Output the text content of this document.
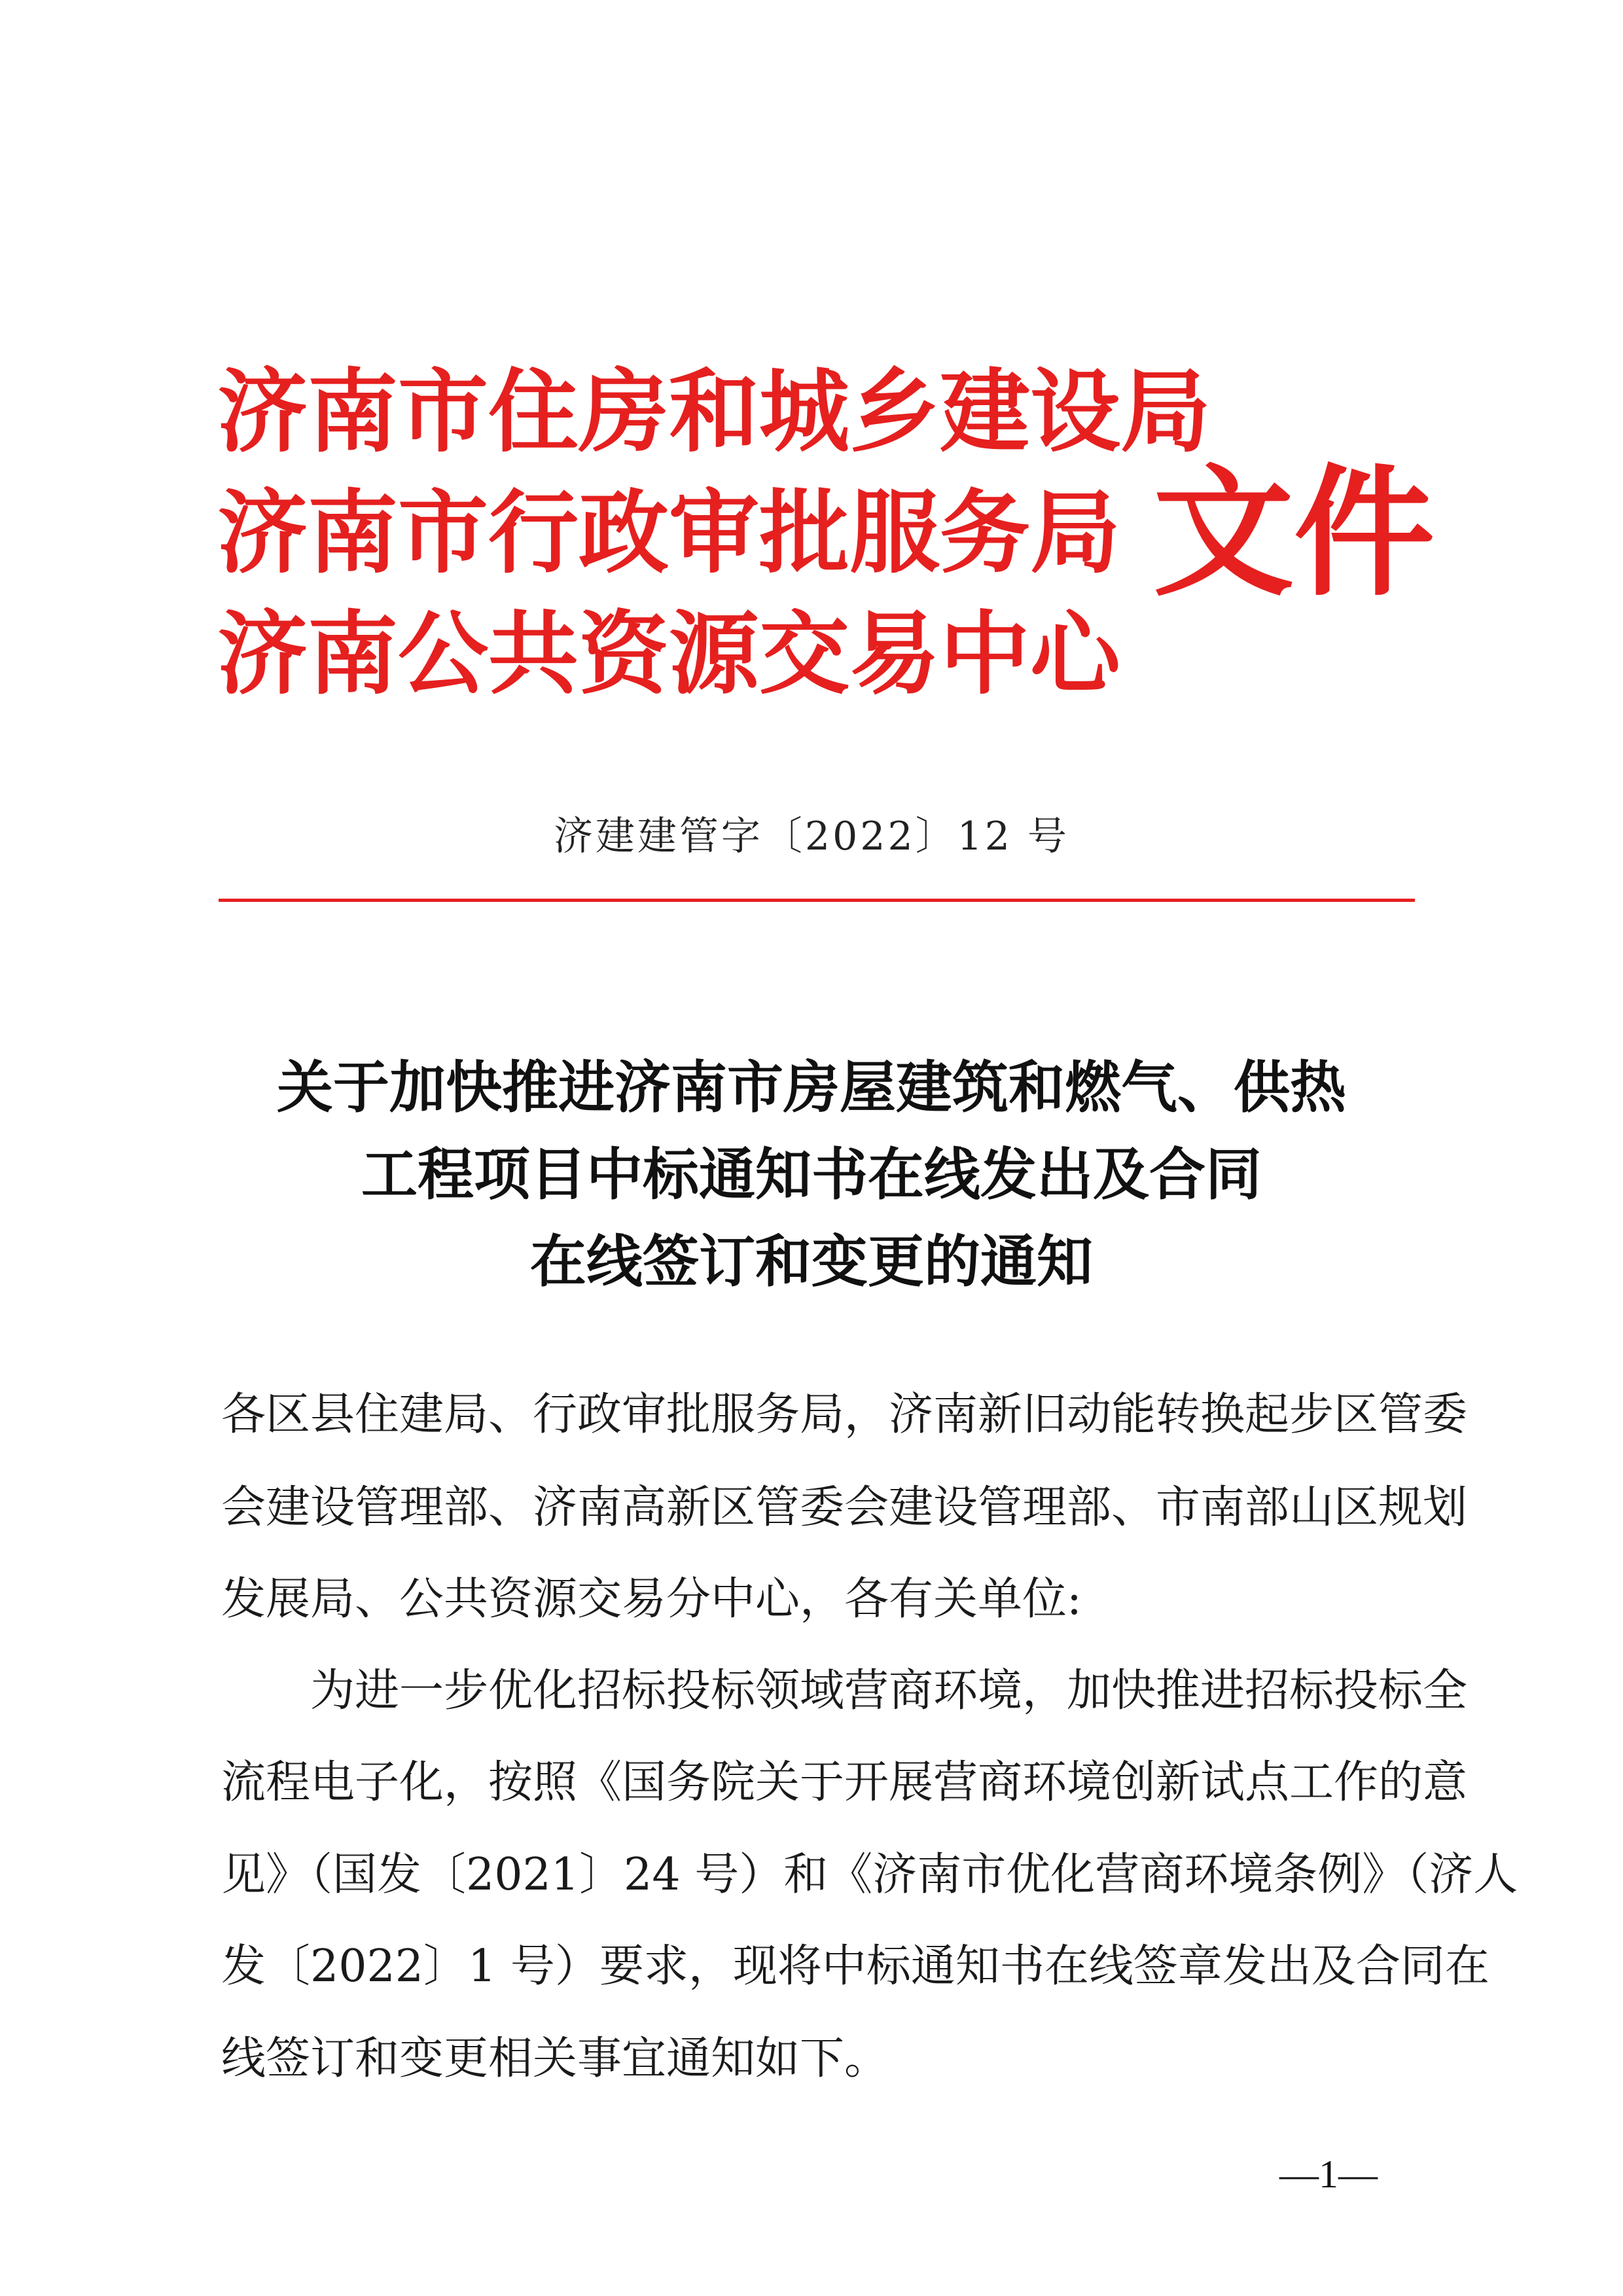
济南市住房和城乡建设局
济南市行政审批服务局
济南公共资源交易中心
文件
济建建管字〔2022〕12 号
关于加快推进济南市房屋建筑和燃气、供热
工程项目中标通知书在线发出及合同
在线签订和变更的通知
各区县住建局、行政审批服务局，济南新旧动能转换起步区管委
会建设管理部、济南高新区管委会建设管理部、市南部山区规划
发展局、公共资源交易分中心，各有关单位:
为进一步优化招标投标领域营商环境，加快推进招标投标全
流程电子化，按照《国务院关于开展营商环境创新试点工作的意
见》（国发〔2021〕24 号）和《济南市优化营商环境条例》（济人
发〔2022〕1 号）要求，现将中标通知书在线签章发出及合同在
线签订和变更相关事宜通知如下。
—1—
